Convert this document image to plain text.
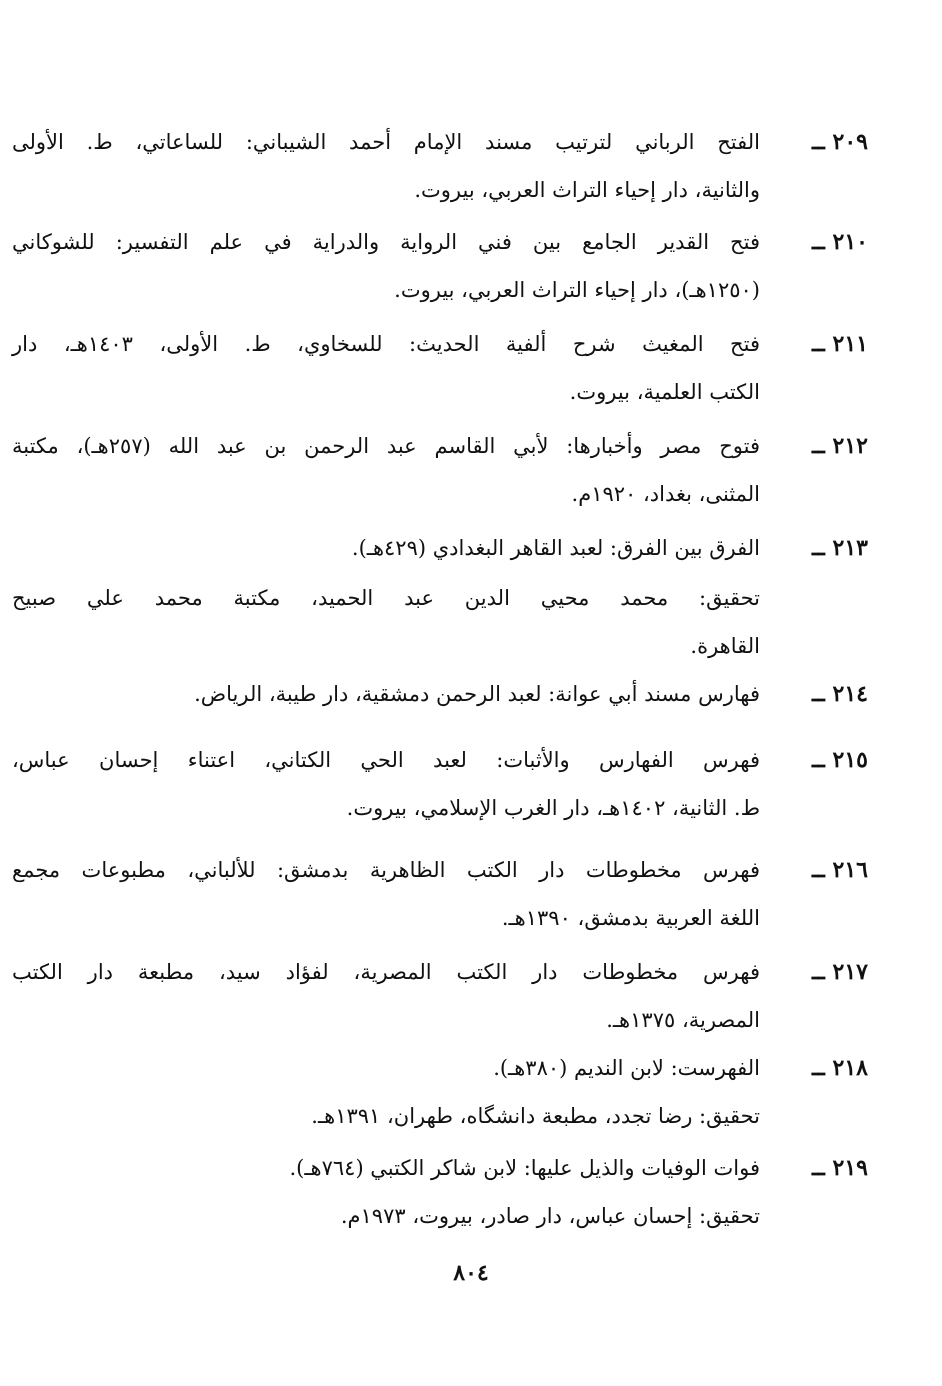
٢٠٩ ــ
الفتح الرباني لترتيب مسند الإمام أحمد الشيباني: للساعاتي، ط. الأولى
والثانية، دار إحياء التراث العربي، بيروت.
٢١٠ ــ
فتح القدير الجامع بين فني الرواية والدراية في علم التفسير: للشوكاني
(١٢٥٠هـ)، دار إحياء التراث العربي، بيروت.
٢١١ ــ
فتح المغيث شرح ألفية الحديث: للسخاوي، ط. الأولى، ١٤٠٣هـ، دار
الكتب العلمية، بيروت.
٢١٢ ــ
فتوح مصر وأخبارها: لأبي القاسم عبد الرحمن بن عبد الله (٢٥٧هـ)، مكتبة
المثنى، بغداد، ١٩٢٠م.
٢١٣ ــ
الفرق بين الفرق: لعبد القاهر البغدادي (٤٢٩هـ).
تحقيق: محمد محيي الدين عبد الحميد، مكتبة محمد علي صبيح
القاهرة.
٢١٤ ــ
فهارس مسند أبي عوانة: لعبد الرحمن دمشقية، دار طيبة، الرياض.
٢١٥ ــ
فهرس الفهارس والأثبات: لعبد الحي الكتاني، اعتناء إحسان عباس،
ط. الثانية، ١٤٠٢هـ، دار الغرب الإسلامي، بيروت.
٢١٦ ــ
فهرس مخطوطات دار الكتب الظاهرية بدمشق: للألباني، مطبوعات مجمع
اللغة العربية بدمشق، ١٣٩٠هـ.
٢١٧ ــ
فهرس مخطوطات دار الكتب المصرية، لفؤاد سيد، مطبعة دار الكتب
المصرية، ١٣٧٥هـ.
٢١٨ ــ
الفهرست: لابن النديم (٣٨٠هـ).
تحقيق: رضا تجدد، مطبعة دانشگاه، طهران، ١٣٩١هـ.
٢١٩ ــ
فوات الوفيات والذيل عليها: لابن شاكر الكتبي (٧٦٤هـ).
تحقيق: إحسان عباس، دار صادر، بيروت، ١٩٧٣م.
٨٠٤
